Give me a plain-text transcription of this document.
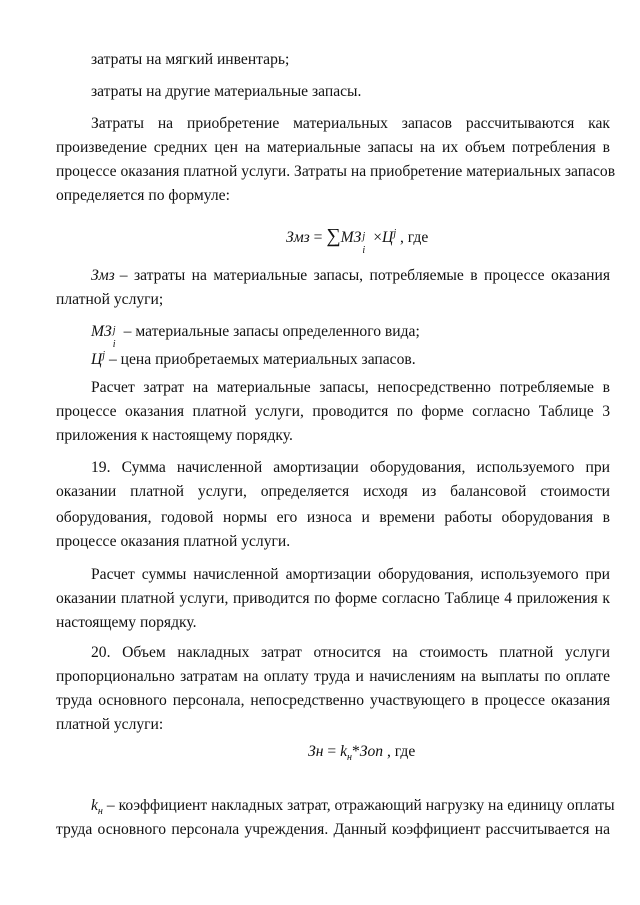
затраты на мягкий инвентарь;
затраты на другие материальные запасы.
Затраты на приобретение материальных запасов рассчитываются как
произведение средних цен на материальные запасы на их объем потребления в
процессе оказания платной услуги. Затраты на приобретение материальных запасов
определяется по формуле:
Змз = ∑МЗ j
i
$\times Ц^j$ , где
Змз – затраты на материальные запасы, потребляемые в процессе оказания
платной услуги;
МЗ j
i
– материальные запасы определенного вида;
$Ц^j$ – цена приобретаемых материальных запасов.
Расчет затрат на материальные запасы, непосредственно потребляемые в
процессе оказания платной услуги, проводится по форме согласно Таблице 3
приложения к настоящему порядку.
19. Сумма начисленной амортизации оборудования, используемого при
оказании платной услуги, определяется исходя из балансовой стоимости
оборудования, годовой нормы его износа и времени работы оборудования в
процессе оказания платной услуги.
Расчет суммы начисленной амортизации оборудования, используемого при
оказании платной услуги, приводится по форме согласно Таблице 4 приложения к
настоящему порядку.
20. Объем накладных затрат относится на стоимость платной услуги
пропорционально затратам на оплату труда и начислениям на выплаты по оплате
труда основного персонала, непосредственно участвующего в процессе оказания
платной услуги:
Зн = $k_н*Зоп$ , где
$k_н$ – коэффициент накладных затрат, отражающий нагрузку на единицу оплаты
труда основного персонала учреждения. Данный коэффициент рассчитывается на
